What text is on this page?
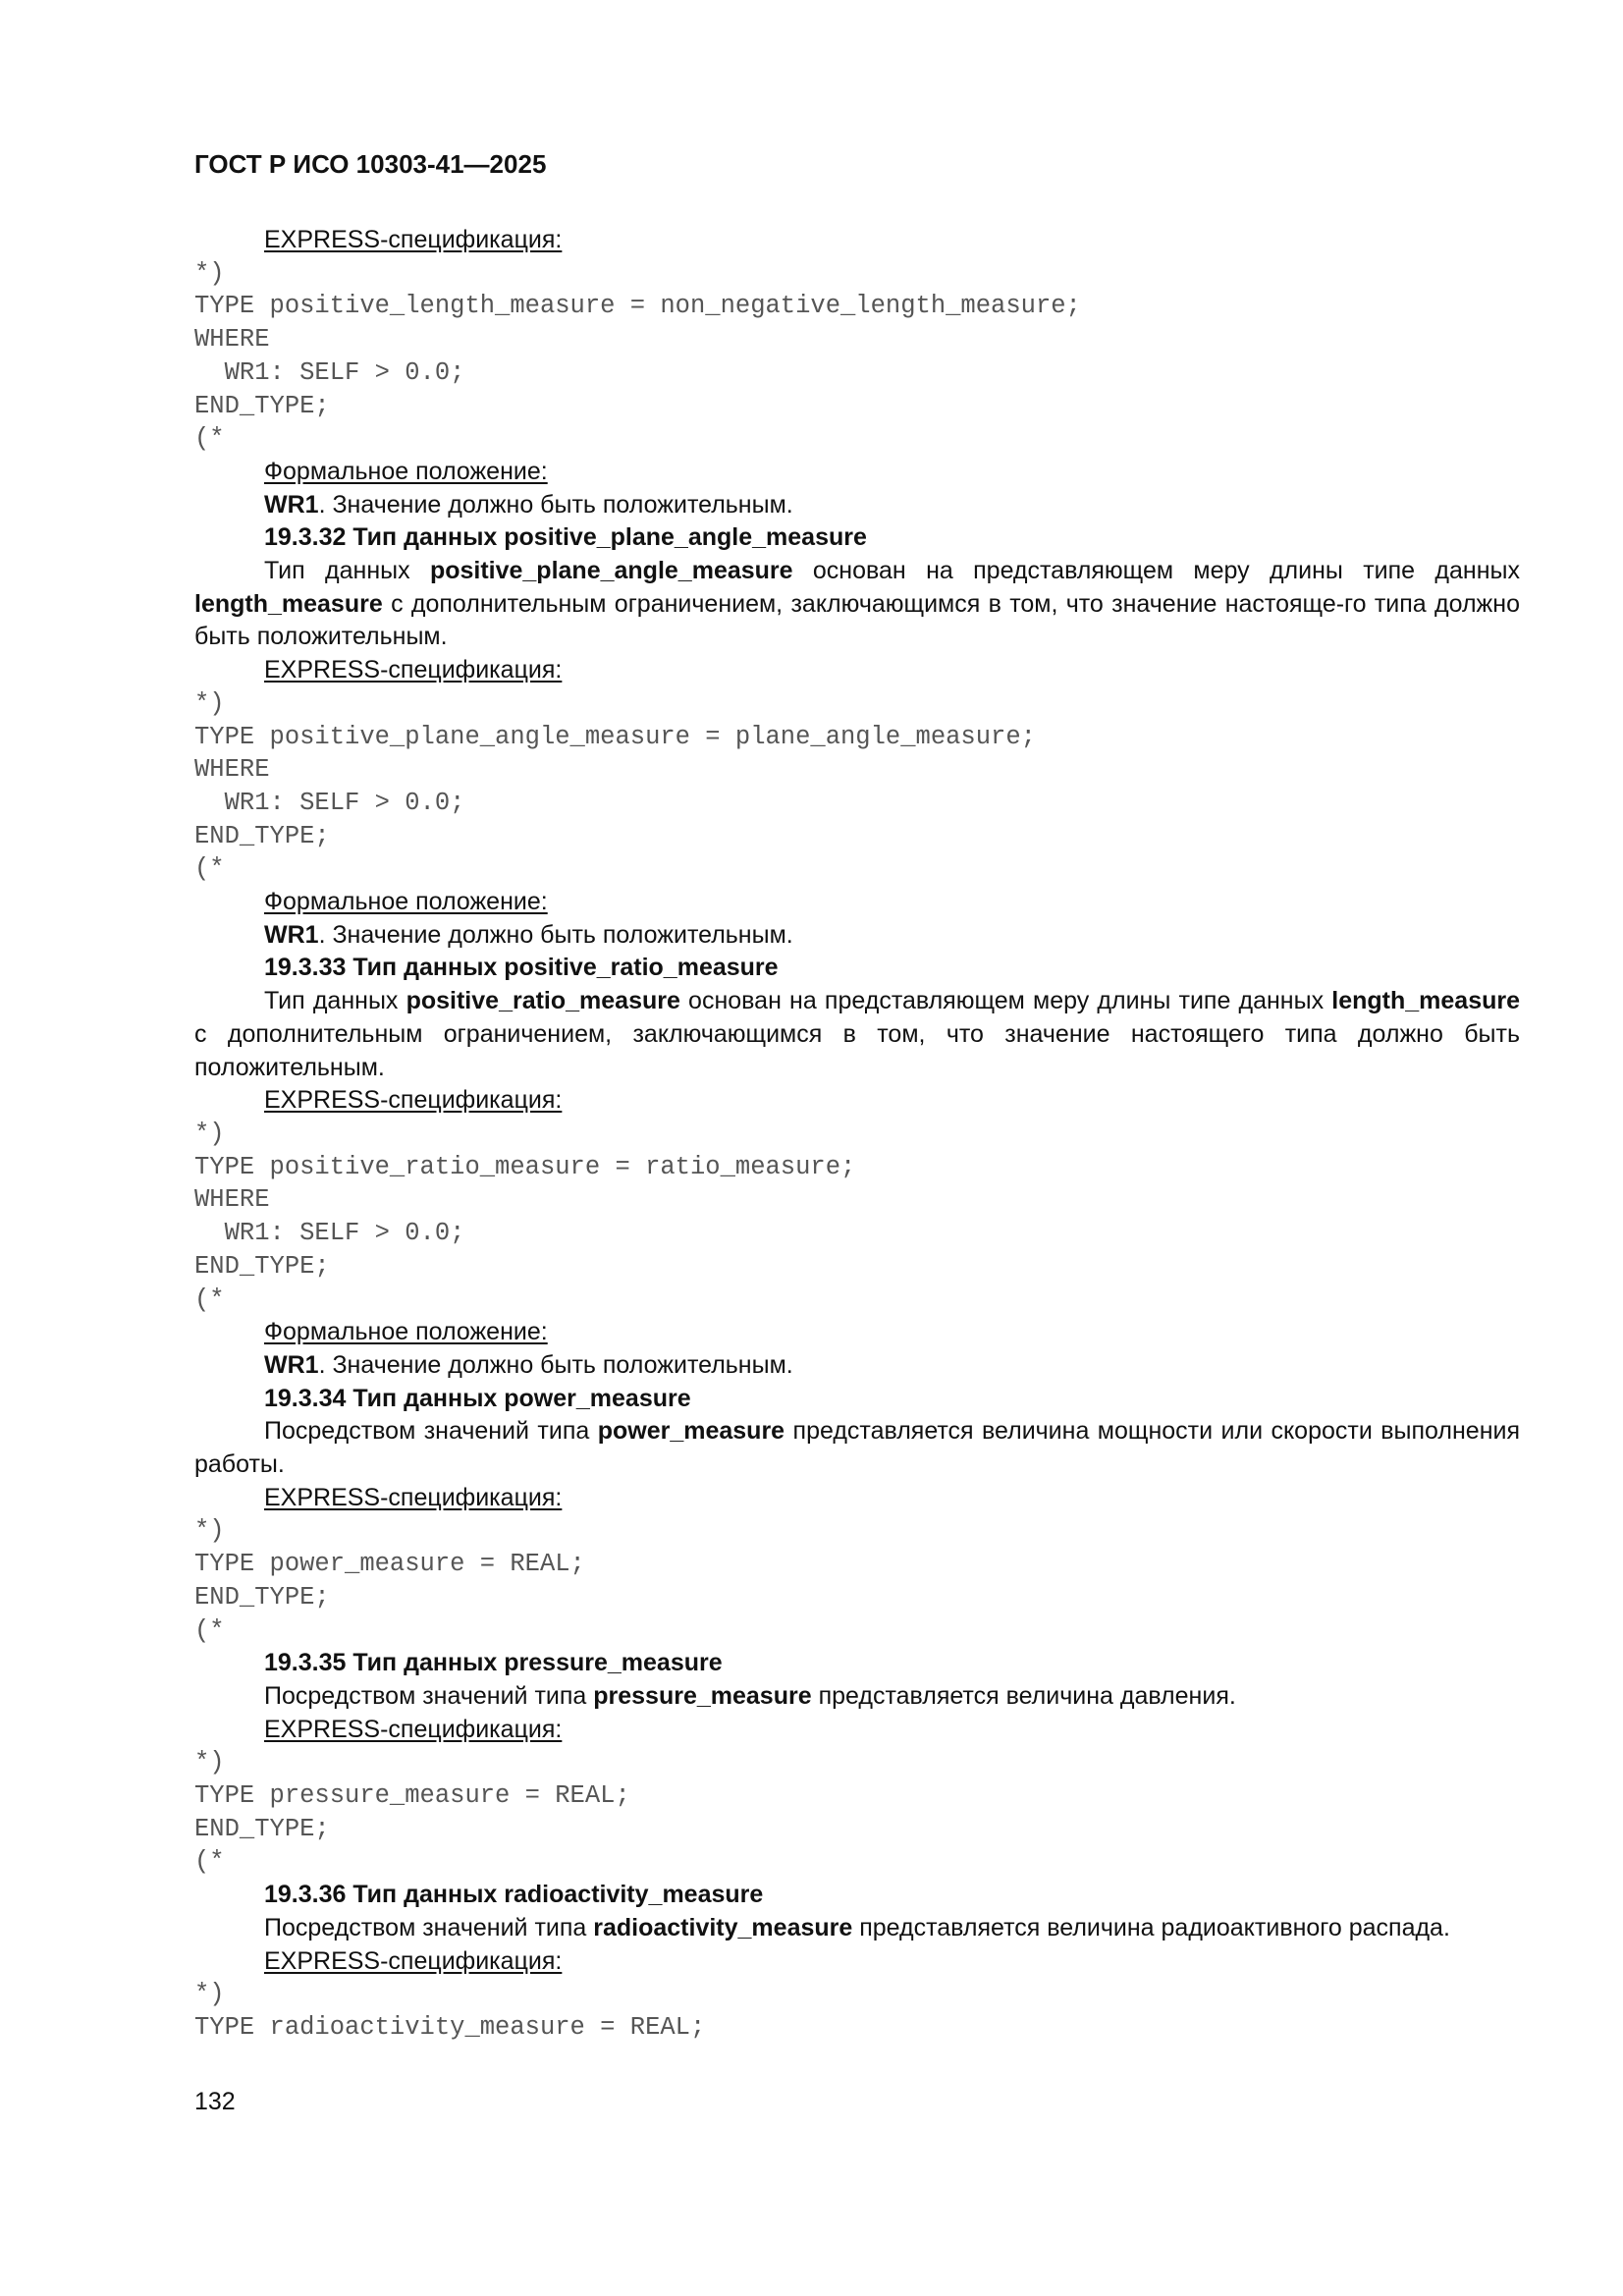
ГОСТ Р ИСО 10303-41—2025

EXPRESS-спецификация:

*)

TYPE positive_length_measure = non_negative_length_measure;

WHERE

WR1: SELF > 0.0;

END_TYPE;

(*

Формальное положение:

WR1. Значение должно быть положительным.

19.3.32 Тип данных positive_plane_angle_measure

Тип данных positive_plane_angle_measure основан на представляющем меру длины типе данных length_measure с дополнительным ограничением, заключающимся в том, что значение настояще-го типа должно быть положительным.

EXPRESS-спецификация:

*)

TYPE positive_plane_angle_measure = plane_angle_measure;

WHERE

WR1: SELF > 0.0;

END_TYPE;

(*

Формальное положение:

WR1. Значение должно быть положительным.

19.3.33 Тип данных positive_ratio_measure

Тип данных positive_ratio_measure основан на представляющем меру длины типе данных length_measure с дополнительным ограничением, заключающимся в том, что значение настоящего типа должно быть положительным.

EXPRESS-спецификация:

*)

TYPE positive_ratio_measure = ratio_measure;

WHERE

WR1: SELF > 0.0;

END_TYPE;

(*

Формальное положение:

WR1. Значение должно быть положительным.

19.3.34 Тип данных power_measure

Посредством значений типа power_measure представляется величина мощности или скорости выполнения работы.

EXPRESS-спецификация:

*)

TYPE power_measure = REAL;

END_TYPE;

(*

19.3.35 Тип данных pressure_measure

Посредством значений типа pressure_measure представляется величина давления.

EXPRESS-спецификация:

*)

TYPE pressure_measure = REAL;

END_TYPE;

(*

19.3.36 Тип данных radioactivity_measure

Посредством значений типа radioactivity_measure представляется величина радиоактивного распада.

EXPRESS-спецификация:

*)

TYPE radioactivity_measure = REAL;

132
